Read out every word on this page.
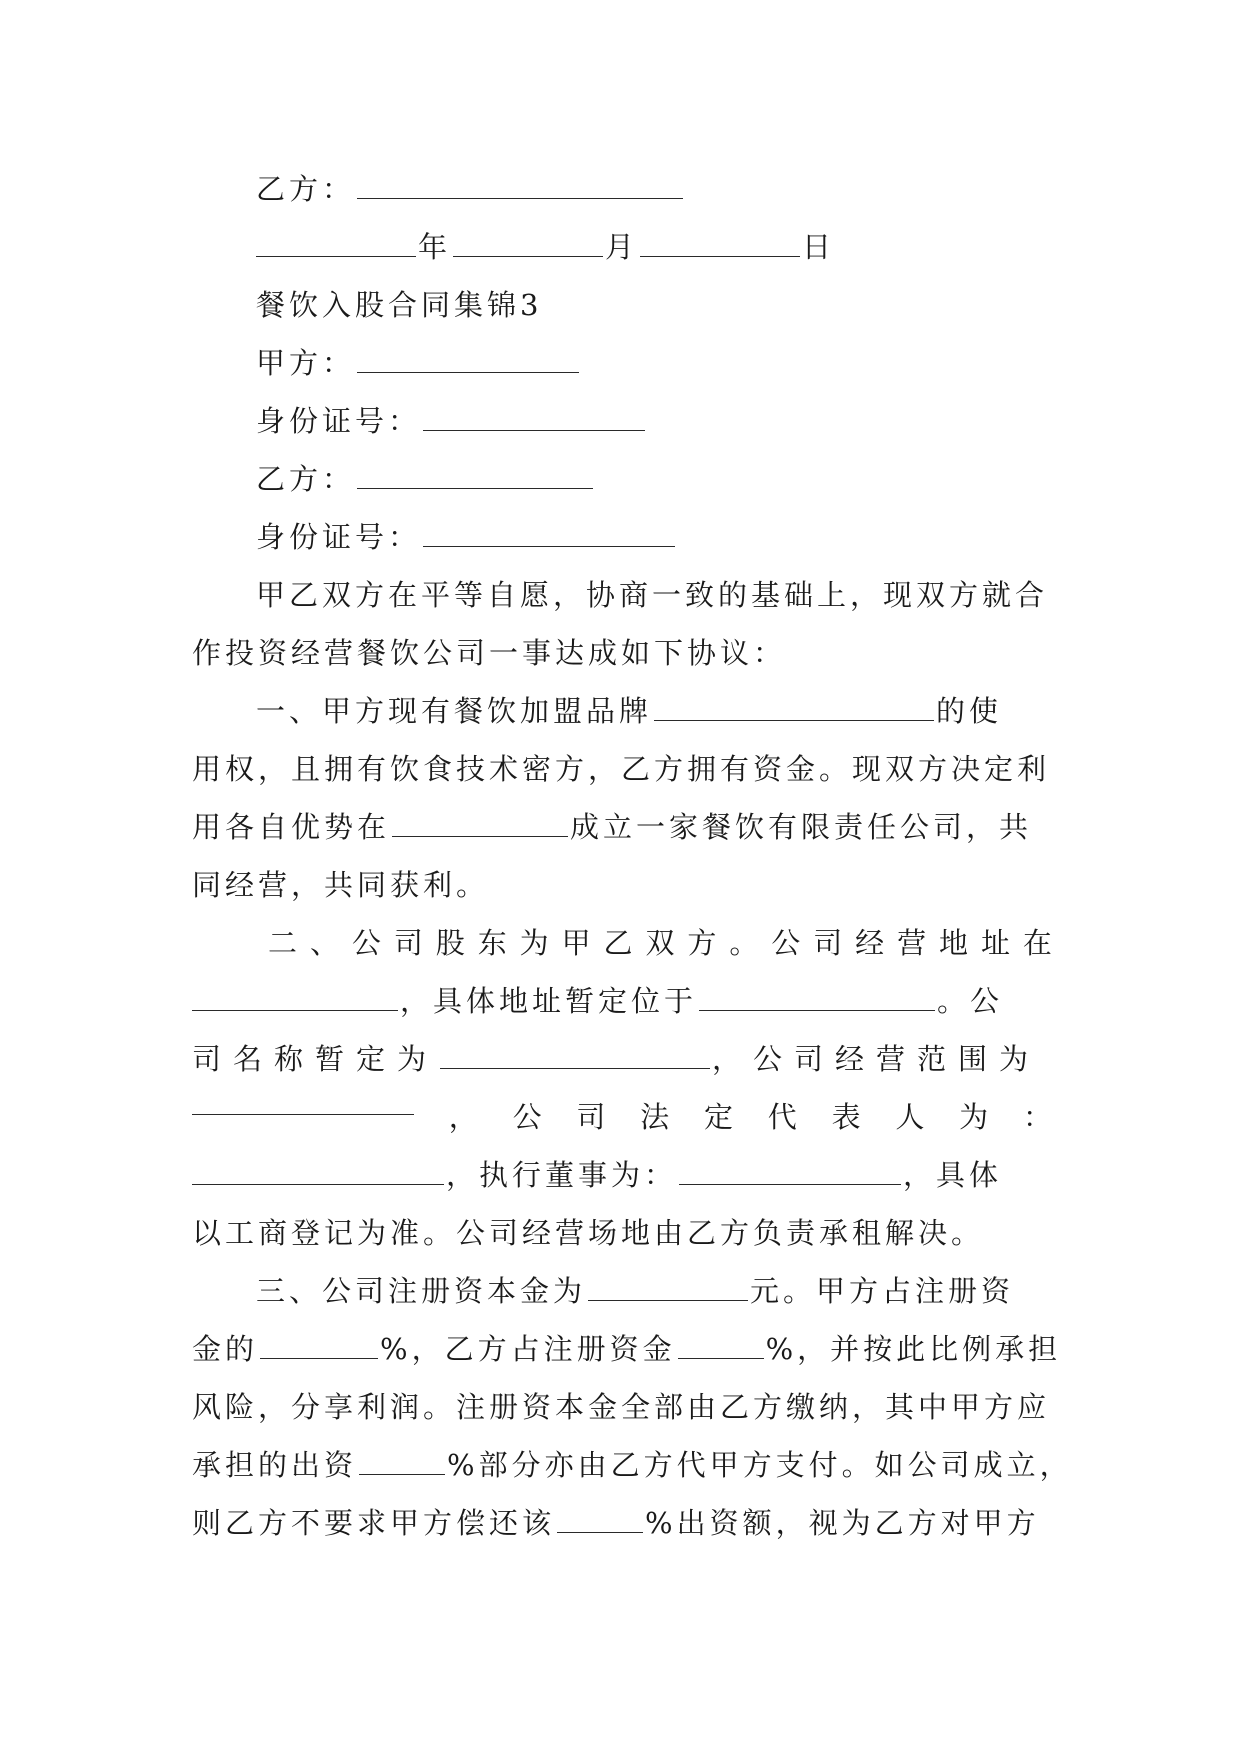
乙方：
年	月	日
餐饮入股合同集锦3
甲方：
身份证号：
乙方：
身份证号：
甲乙双方在平等自愿，协商一致的基础上，现双方就合
作投资经营餐饮公司一事达成如下协议：
一、甲方现有餐饮加盟品牌	的使
用权，且拥有饮食技术密方，乙方拥有资金。现双方决定利
用各自优势在	成立一家餐饮有限责任公司，共
同经营，共同获利。
二 、 公 司 股 东 为 甲 乙 双 方 。 公 司 经 营 地 址 在
，具体地址暂定位于	。公
司名称暂定为	，公司经营范围为
， 公 司 法 定 代 表 人 为 ：
，执行董事为：	，具体
以工商登记为准。公司经营场地由乙方负责承租解决。
三、公司注册资本金为	元。甲方占注册资
金的	%，乙方占注册资金	%，并按此比例承担
风险，分享利润。注册资本金全部由乙方缴纳，其中甲方应
承担的出资	%部分亦由乙方代甲方支付。如公司成立，
则乙方不要求甲方偿还该	%出资额，视为乙方对甲方
